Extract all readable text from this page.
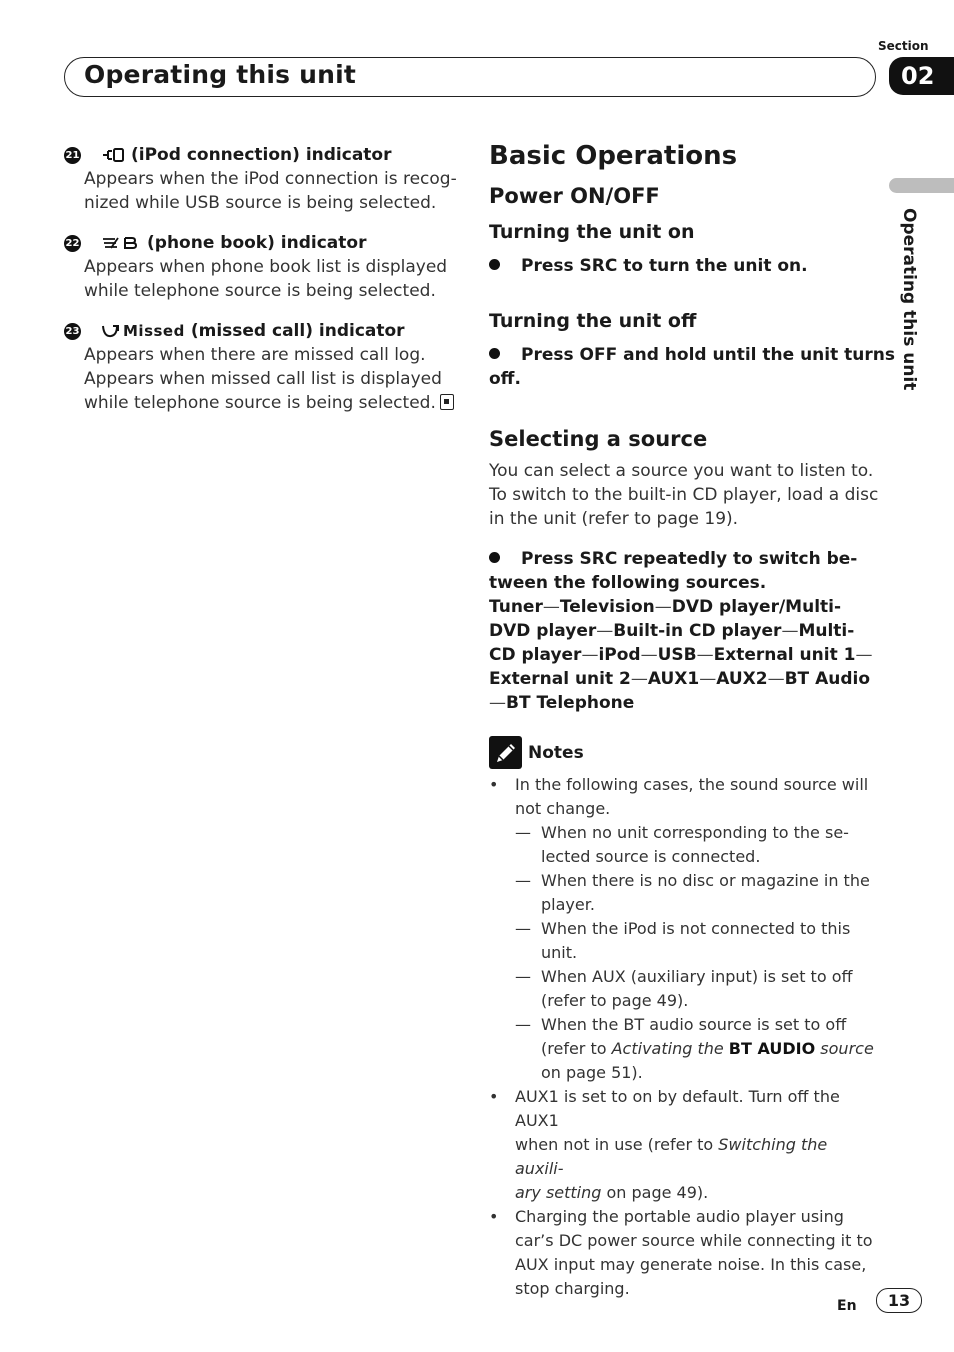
Section
Operating this unit	02
Operating this unit
21	(iPod connection) indicator
Appears when the iPod connection is recog-
nized while USB source is being selected.
22	(phone book) indicator
Appears when phone book list is displayed
while telephone source is being selected.
23	Missed (missed call) indicator
Appears when there are missed call log.
Appears when missed call list is displayed
while telephone source is being selected.
Basic Operations
Power ON/OFF
Turning the unit on
Press SRC to turn the unit on.
Turning the unit off
Press OFF and hold until the unit turns
off.
Selecting a source
You can select a source you want to listen to.
To switch to the built-in CD player, load a disc
in the unit (refer to page 19).
Press SRC repeatedly to switch be-
tween the following sources.
Tuner—Television—DVD player/Multi-
DVD player—Built-in CD player—Multi-
CD player—iPod—USB—External unit 1—
External unit 2—AUX1—AUX2—BT Audio
—BT Telephone
Notes
• In the following cases, the sound source will
not change.
— When no unit corresponding to the se-
lected source is connected.
— When there is no disc or magazine in the
player.
— When the iPod is not connected to this
unit.
— When AUX (auxiliary input) is set to off
(refer to page 49).
— When the BT audio source is set to off
(refer to Activating the BT AUDIO source
on page 51).
• AUX1 is set to on by default. Turn off the AUX1
when not in use (refer to Switching the auxili-
ary setting on page 49).
• Charging the portable audio player using
car’s DC power source while connecting it to
AUX input may generate noise. In this case,
stop charging.
En	13
